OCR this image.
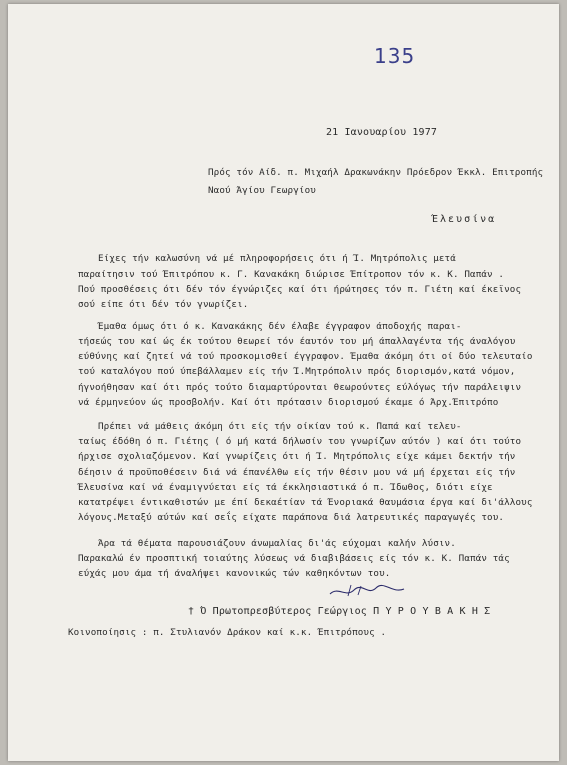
135
21 Ιανουαρίου 1977
Πρός τόν Αίδ. π. Μιχαήλ Δρακωνάκην Πρόεδρον Έκκλ. Επιτροπής
Ναού Άγίου Γεωργίου
Έλευσίνα
Είχες τήν καλωσύνη νά μέ πληροφορήσεις ότι ή Ί. Μητρόπολις μετά
παραίτησιν τού Έπιτρόπου κ. Γ. Κανακάκη διώρισε Έπίτροπον τόν κ. Κ. Παπάν .
Πού προσθέσεις ότι δέν τόν έγνώριζες καί ότι ήρώτησες τόν π. Γιέτη καί έκεϊνος
σού είπε ότι δέν τόν γνωρίζει.
Έμαθα όμως ότι ό κ. Κανακάκης δέν έλαβε έγγραφον άποδοχής παραι-
τήσεώς του καί ώς έκ τούτου θεωρεί τόν έαυτόν του μή άπαλλαγέντα τής άναλόγου
εύθύνης καί ζητεί νά τού προσκομισθεί έγγραφον. Έμαθα άκόμη ότι οί δύο τελευταίο
τού καταλόγου πού ύπεβάλλαμεν είς τήν Ί.Μητρόπολιν πρός διορισμόν,κατά νόμον,
ήγνοήθησαν καί ότι πρός τούτο διαμαρτύρονται θεωρούντες εύλόγως τήν παράλειψιν
νά έρμηνεύον ώς προσβολήν. Καί ότι πρότασιν διορισμού έκαμε ό Άρχ.Έπιτρόπο
Πρέπει νά μάθεις άκόμη ότι είς τήν οίκίαν τού κ. Παπά καί τελευ-
ταίως έδόθη ό π. Γιέτης ( ό μή κατά δήλωσίν του γνωρίζων αύτόν ) καί ότι τούτο
ήρχισε σχολιαζόμενον. Καί γνωρίζεις ότι ή Ί. Μητρόπολις είχε κάμει δεκτήν τήν
δέησιν ά προϋποθέσειν διά νά έπανέλθω είς τήν θέσιν μου νά μή έρχεται είς τήν
Έλευσίνα καί νά έναμιγνύεται είς τά έκκλησιαστικά ό π. Ίδωθος, διότι είχε
κατατρέψει έντικαθιστών με έπί δεκαέτίαν τά Ένοριακά θαυμάσια έργα καί δι'άλλους
λόγους.Μεταξύ αύτών καί σεΐς είχατε παράπονα διά λατρευτικές παραγωγές του.
Άρα τά θέματα παρουσιάζουν άνωμαλίας δι'άς εύχομαι καλήν λύσιν.
Παρακαλώ έν προσπτική τοιαύτης λύσεως νά διαβιβάσεις είς τόν κ. Κ. Παπάν τάς
εύχάς μου άμα τή άναλήψει κανονικώς τών καθηκόντων του.
† Ό Πρωτοπρεσβύτερος Γεώργιος Π Υ Ρ Ο Υ Β Α Κ Η Σ
Κοινοποίησις : π. Στυλιανόν Δράκον καί κ.κ. Έπιτρόπους .
